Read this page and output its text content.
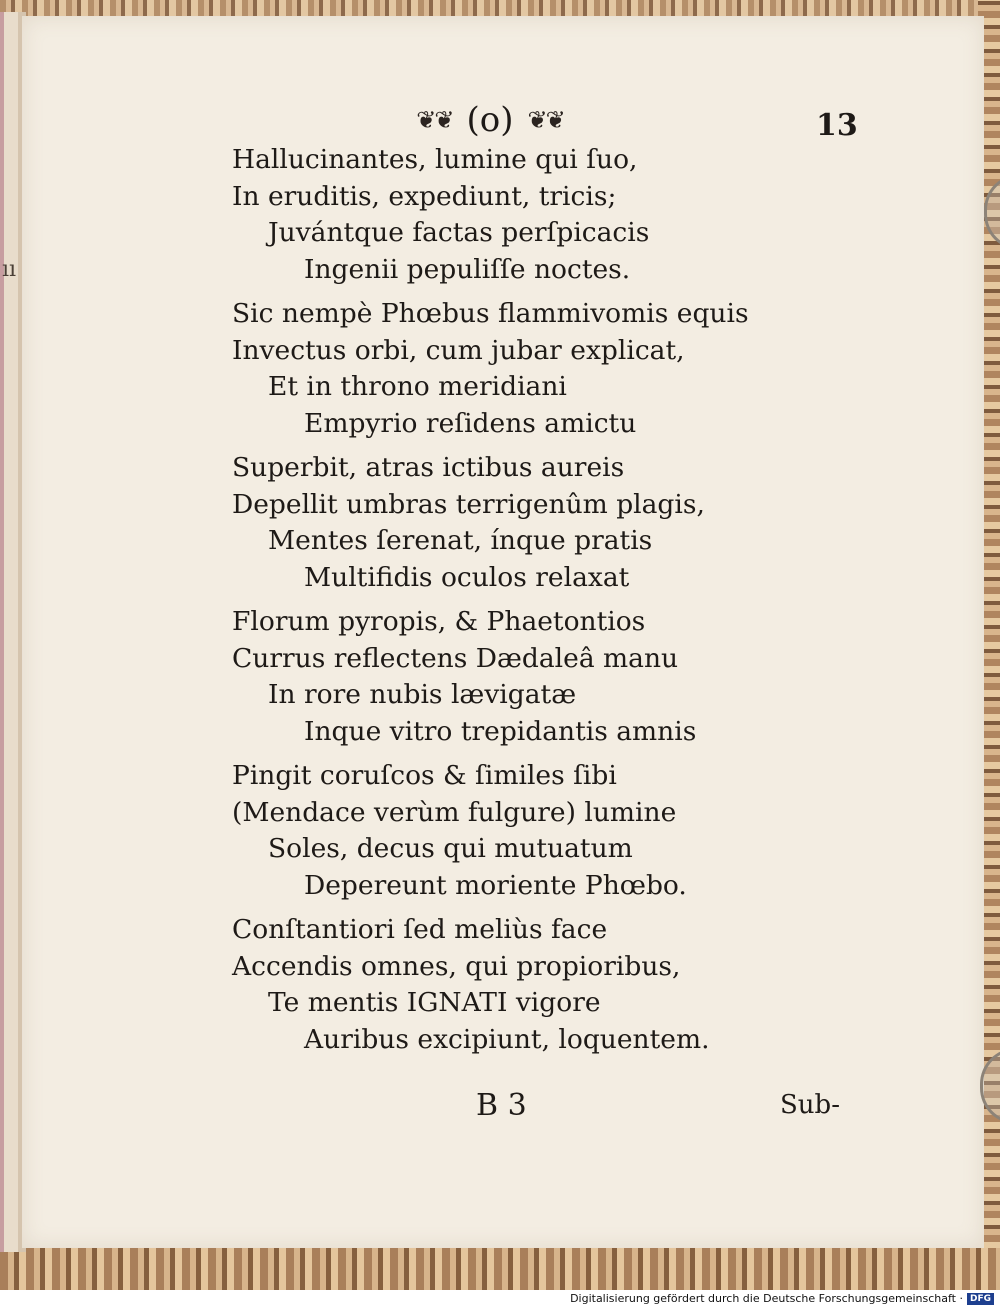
ıı
❦❦ (o) ❦❦	13
Hallucinantes, lumine qui ſuo,
In eruditis, expediunt, tricis;
Juvántque factas perſpicacis
Ingenii pepuliſſe noctes.
Sic nempè Phœbus flammivomis equis
Invectus orbi, cum jubar explicat,
Et in throno meridiani
Empyrio reſidens amictu
Superbit, atras ictibus aureis
Depellit umbras terrigenûm plagis,
Mentes ſerenat, ínque pratis
Multifidis oculos relaxat
Florum pyropis, & Phaetontios
Currus reflectens Dædaleâ manu
In rore nubis lævigatæ
Inque vitro trepidantis amnis
Pingit coruſcos & ſimiles ſibi
(Mendace verùm fulgure) lumine
Soles, decus qui mutuatum
Depereunt moriente Phœbo.
Conſtantiori ſed meliùs face
Accendis omnes, qui propioribus,
Te mentis IGNATI vigore
Auribus excipiunt, loquentem.
B 3	Sub-
Digitalisierung gefördert durch die Deutsche Forschungsgemeinschaft · DFG
